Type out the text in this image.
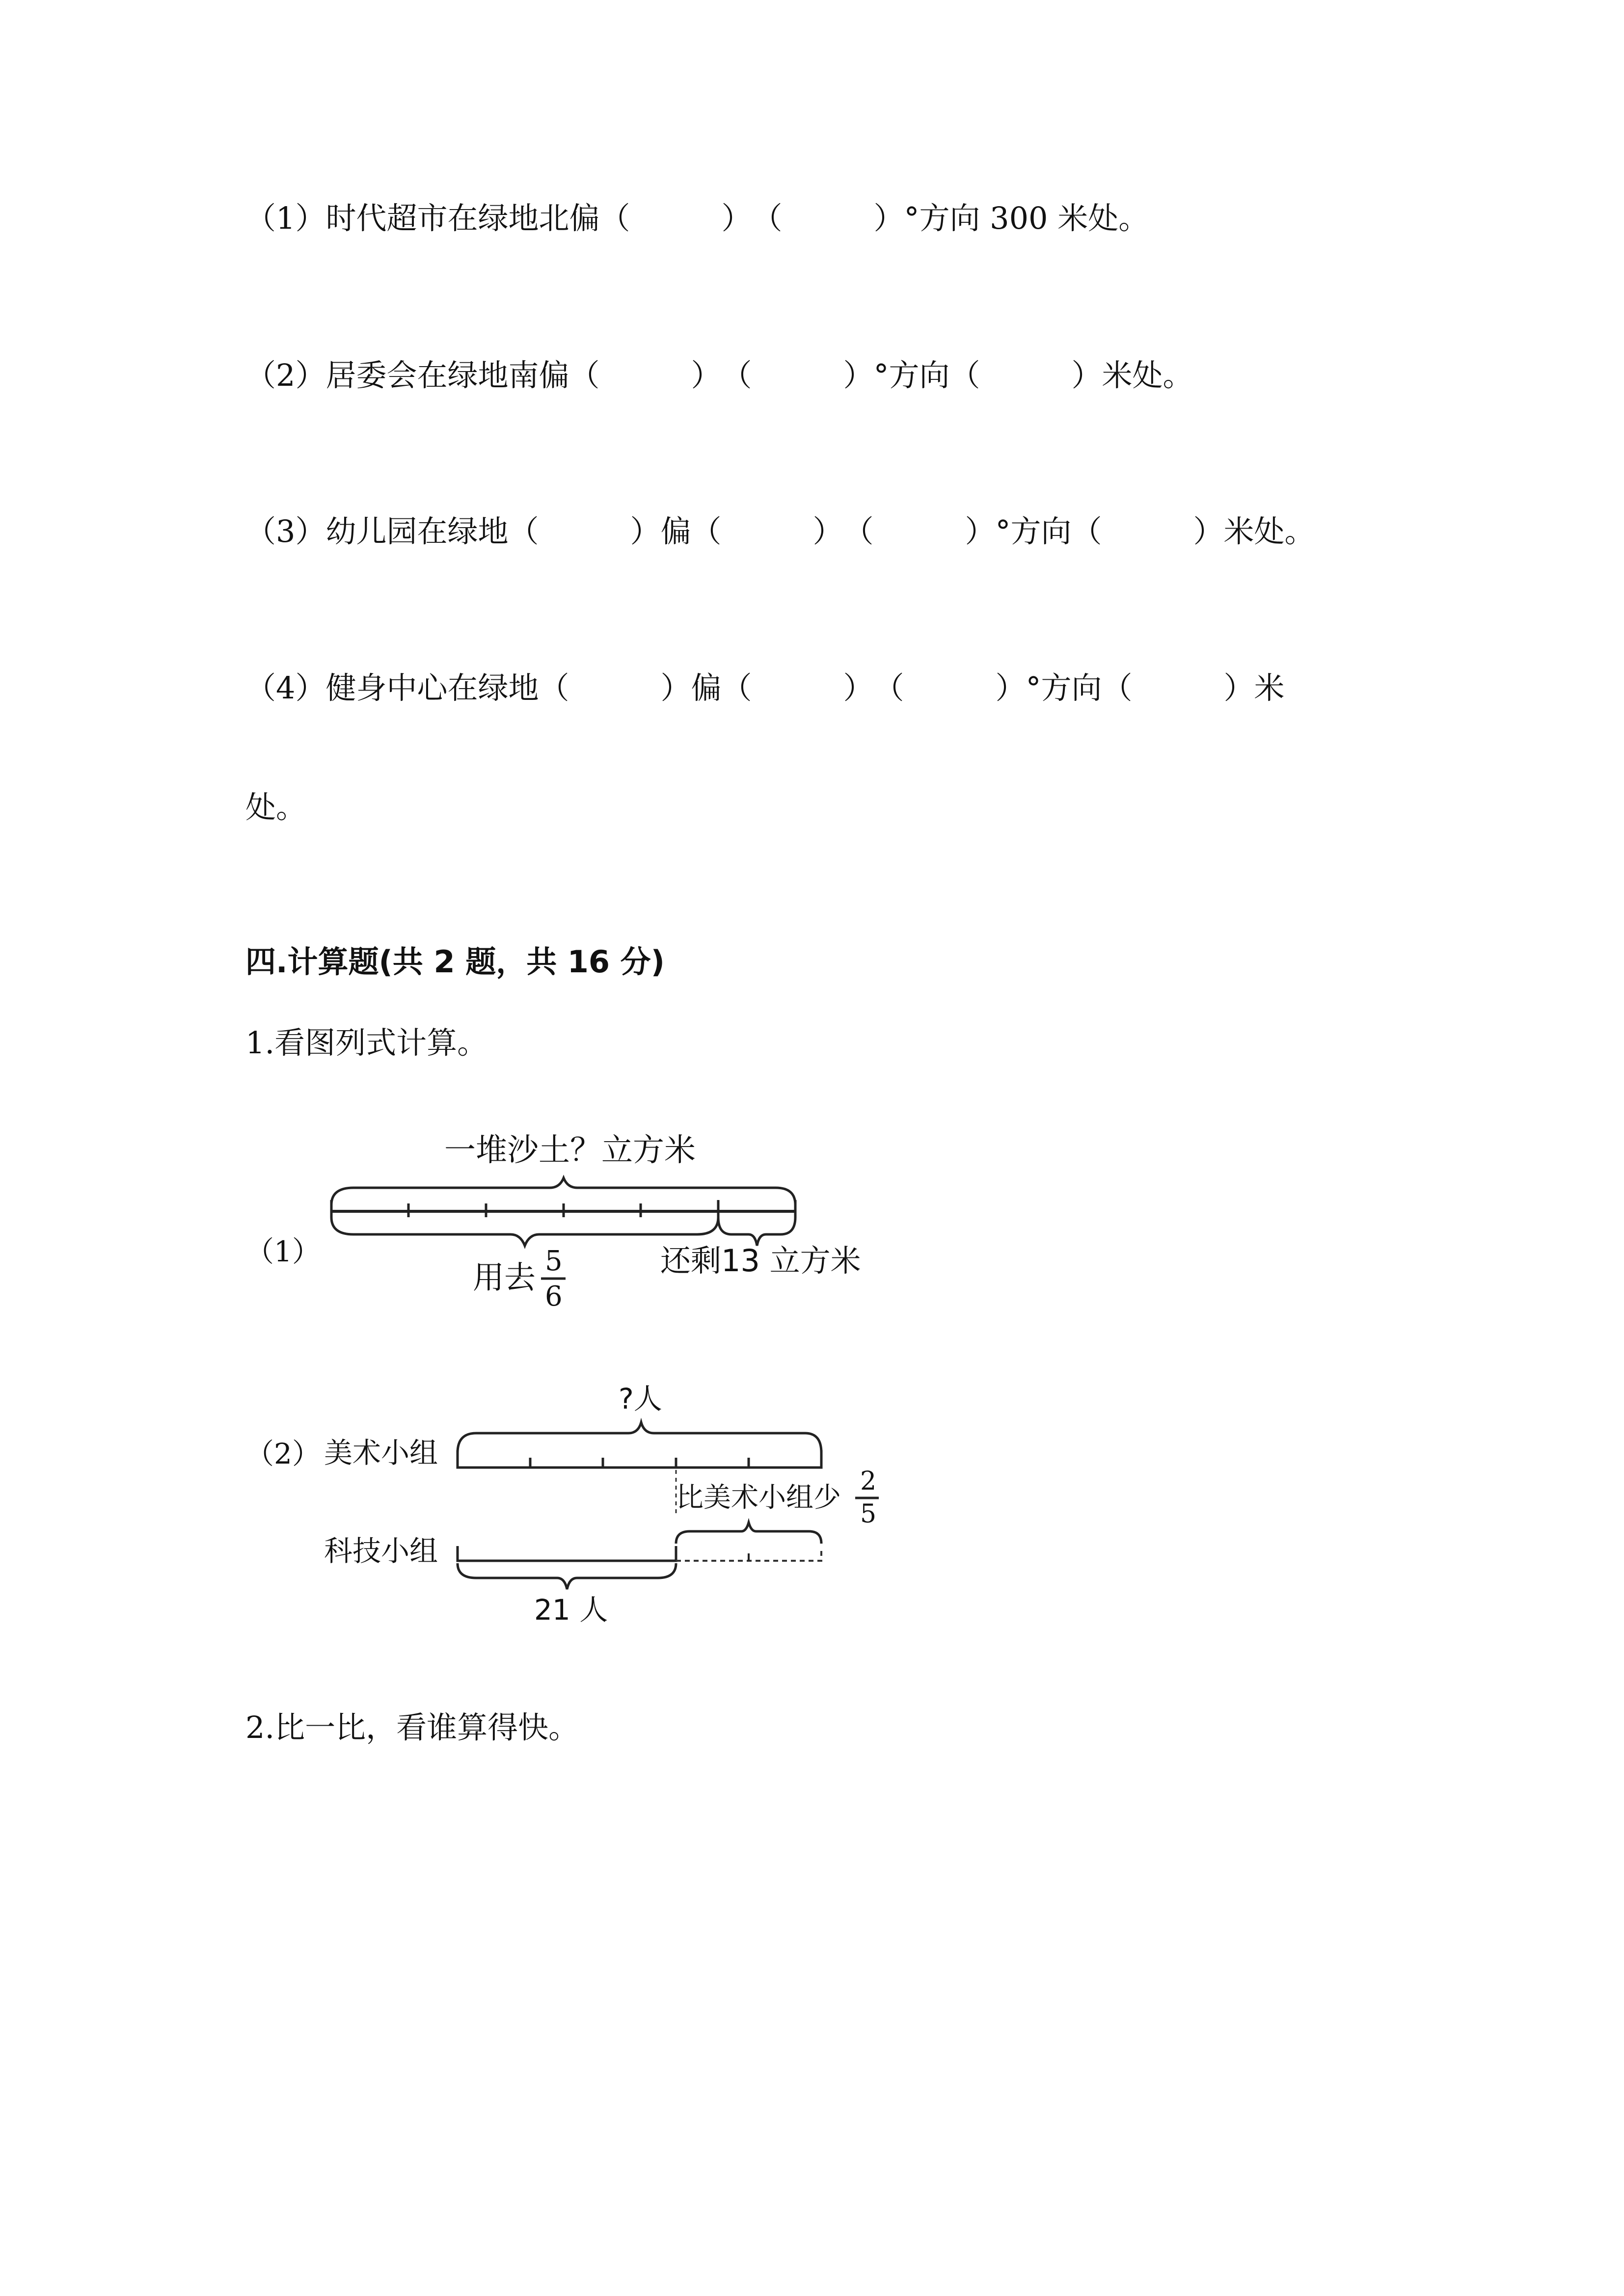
（1）时代超市在绿地北偏（　　　）　（　　　）°方向 300 米处。
（2）居委会在绿地南偏（　　　）　（　　　）°方向（　　　）米处。
（3）幼儿园在绿地（　　　）偏（　　　）　（　　　）°方向（　　　）米处。
（4）健身中心在绿地（　　　）偏（　　　）　（　　　）°方向（　　　）米
处。
四.计算题(共 2 题，共 16 分)
1.看图列式计算。
（1）
一堆沙土？立方米
用去 5
6
还剩13 立方米
（2） 美术小组
科技小组
?人
比美术小组少
2
5
21 人
2.比一比，看谁算得快。
